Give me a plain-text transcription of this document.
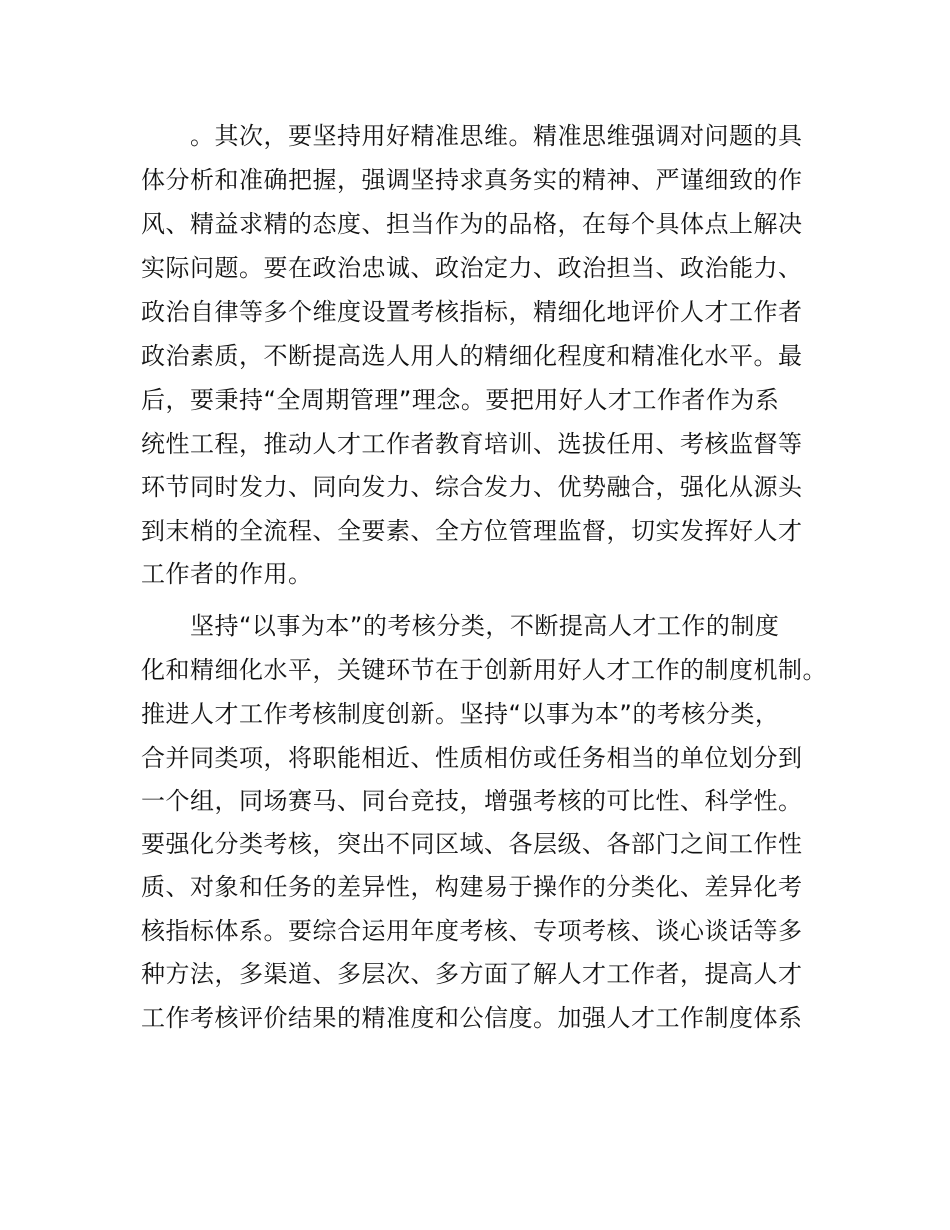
。其次，要坚持用好精准思维。精准思维强调对问题的具
体分析和准确把握，强调坚持求真务实的精神、严谨细致的作
风、精益求精的态度、担当作为的品格，在每个具体点上解决
实际问题。要在政治忠诚、政治定力、政治担当、政治能力、
政治自律等多个维度设置考核指标，精细化地评价人才工作者
政治素质，不断提高选人用人的精细化程度和精准化水平。最
后，要秉持“全周期管理”理念。要把用好人才工作者作为系
统性工程，推动人才工作者教育培训、选拔任用、考核监督等
环节同时发力、同向发力、综合发力、优势融合，强化从源头
到末梢的全流程、全要素、全方位管理监督，切实发挥好人才
工作者的作用。
坚持“以事为本”的考核分类，不断提高人才工作的制度
化和精细化水平，关键环节在于创新用好人才工作的制度机制。
推进人才工作考核制度创新。坚持“以事为本”的考核分类，
合并同类项，将职能相近、性质相仿或任务相当的单位划分到
一个组，同场赛马、同台竞技，增强考核的可比性、科学性。
要强化分类考核，突出不同区域、各层级、各部门之间工作性
质、对象和任务的差异性，构建易于操作的分类化、差异化考
核指标体系。要综合运用年度考核、专项考核、谈心谈话等多
种方法，多渠道、多层次、多方面了解人才工作者，提高人才
工作考核评价结果的精准度和公信度。加强人才工作制度体系
